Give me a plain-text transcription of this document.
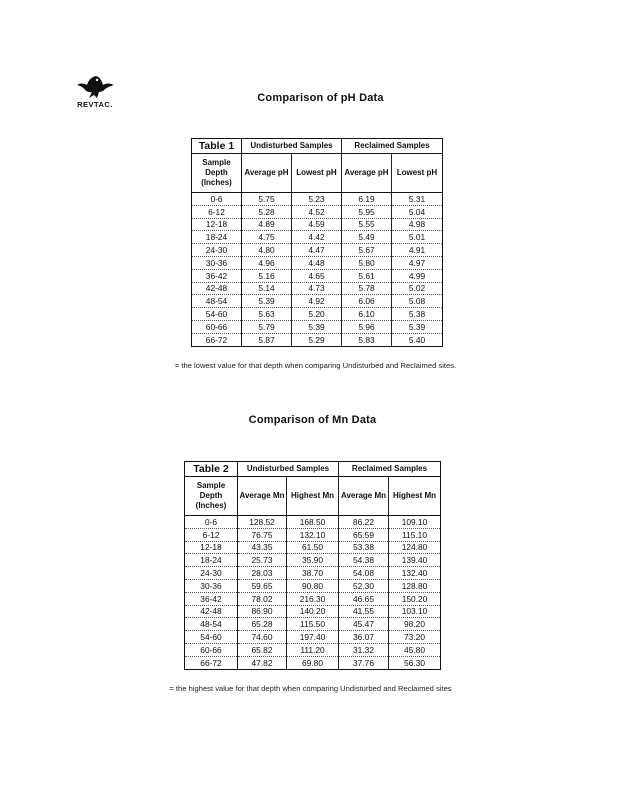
REVTAC.
Comparison of pH Data
Table 1	Undisturbed Samples		Reclaimed Samples	
Sample Depth (Inches)	Average pH	Lowest pH	Average pH	Lowest pH
0-6	5.75	5.23	6.19	5.31
6-12	5.28	4.52	5.95	5.04
12-18	4.89	4.59	5.55	4.98
18-24	4.75	4.42	5.49	5.01
24-30	4.80	4.47	5.67	4.91
30-36	4.96	4.48	5.80	4.97
36-42	5.16	4.65	5.61	4.99
42-48	5.14	4.73	5.78	5.02
48-54	5.39	4.92	6.06	5.08
54-60	5.63	5.20	6.10	5.38
60-66	5.79	5.39	5.96	5.39
66-72	5.87	5.29	5.83	5.40
= the lowest value for that depth when comparing Undisturbed and Reclaimed sites.
Comparison of Mn Data
Table 2	Undisturbed Samples		Reclaimed Samples	
Sample Depth (Inches)	Average Mn	Highest Mn	Average Mn	Highest Mn
0-6	128.52	168.50	86.22	109.10
6-12	76.75	132.10	65.59	115.10
12-18	43.35	61.50	53.38	124.80
18-24	25.73	35.90	54.38	139.40
24-30	28.03	38.70	54.08	132.40
30-36	59.65	90.80	52.30	128.80
36-42	78.02	216.30	46.65	150.20
42-48	86.90	140.20	41.55	103.10
48-54	65.28	115.50	45.47	98.20
54-60	74.60	197.40	36.07	73.20
60-66	65.82	111.20	31.32	45.80
66-72	47.82	69.80	37.76	56.30
= the highest value for that depth when comparing Undisturbed and Reclaimed sites
